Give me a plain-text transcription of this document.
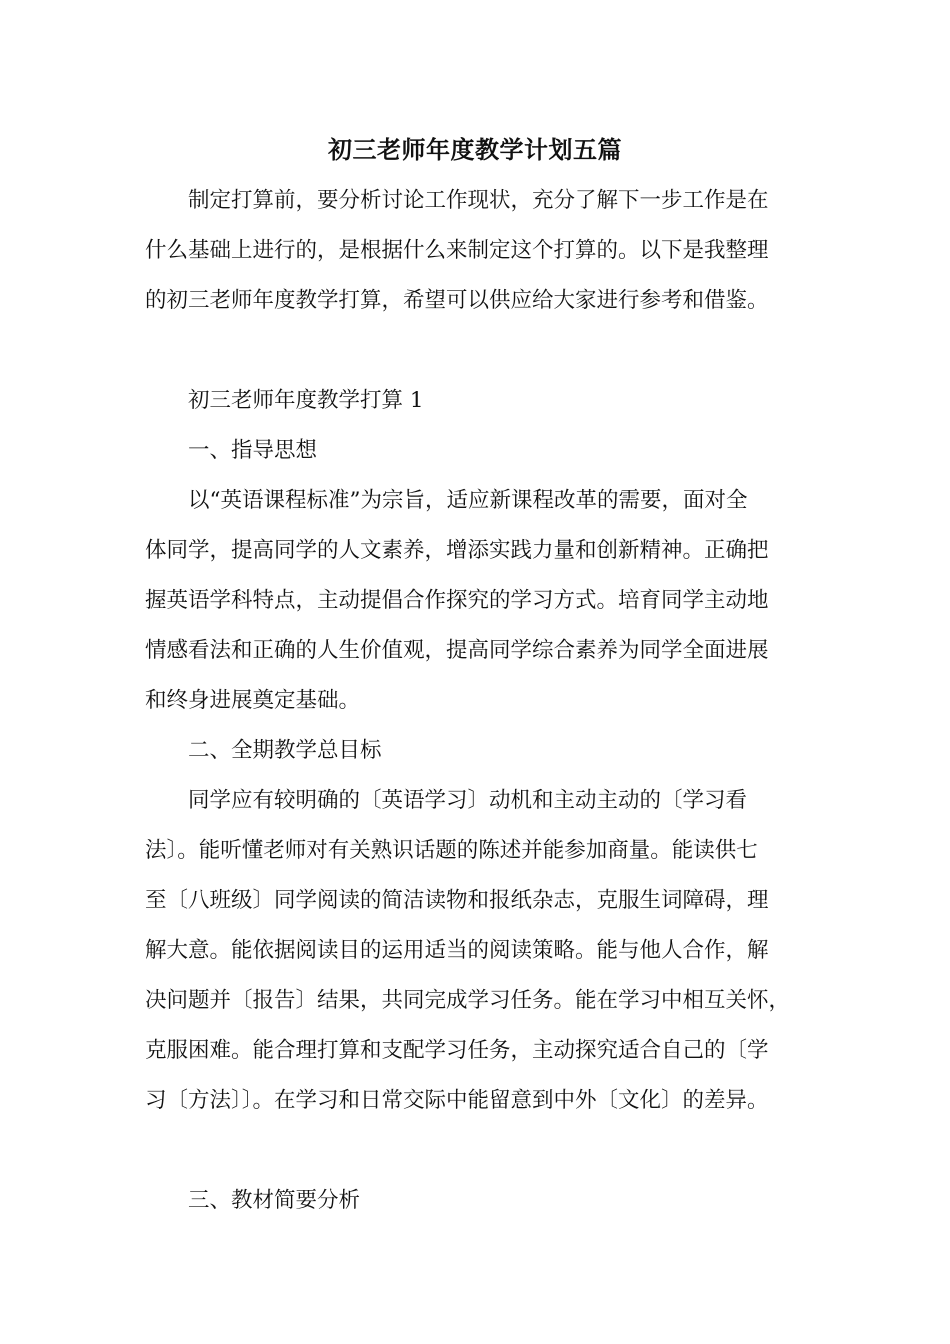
初三老师年度教学计划五篇
　　制定打算前，要分析讨论工作现状，充分了解下一步工作是在
什么基础上进行的，是根据什么来制定这个打算的。以下是我整理
的初三老师年度教学打算，希望可以供应给大家进行参考和借鉴。
　　初三老师年度教学打算 1
　　一、指导思想
　　以“英语课程标准”为宗旨，适应新课程改革的需要，面对全
体同学，提高同学的人文素养，增添实践力量和创新精神。正确把
握英语学科特点，主动提倡合作探究的学习方式。培育同学主动地
情感看法和正确的人生价值观，提高同学综合素养为同学全面进展
和终身进展奠定基础。
　　二、全期教学总目标
　　同学应有较明确的〔英语学习〕动机和主动主动的〔学习看
法〕。能听懂老师对有关熟识话题的陈述并能参加商量。能读供七
至〔八班级〕同学阅读的简洁读物和报纸杂志，克服生词障碍，理
解大意。能依据阅读目的运用适当的阅读策略。能与他人合作，解
决问题并〔报告〕结果，共同完成学习任务。能在学习中相互关怀，
克服困难。能合理打算和支配学习任务，主动探究适合自己的〔学
习〔方法〕〕。在学习和日常交际中能留意到中外〔文化〕的差异。
　　三、教材简要分析
